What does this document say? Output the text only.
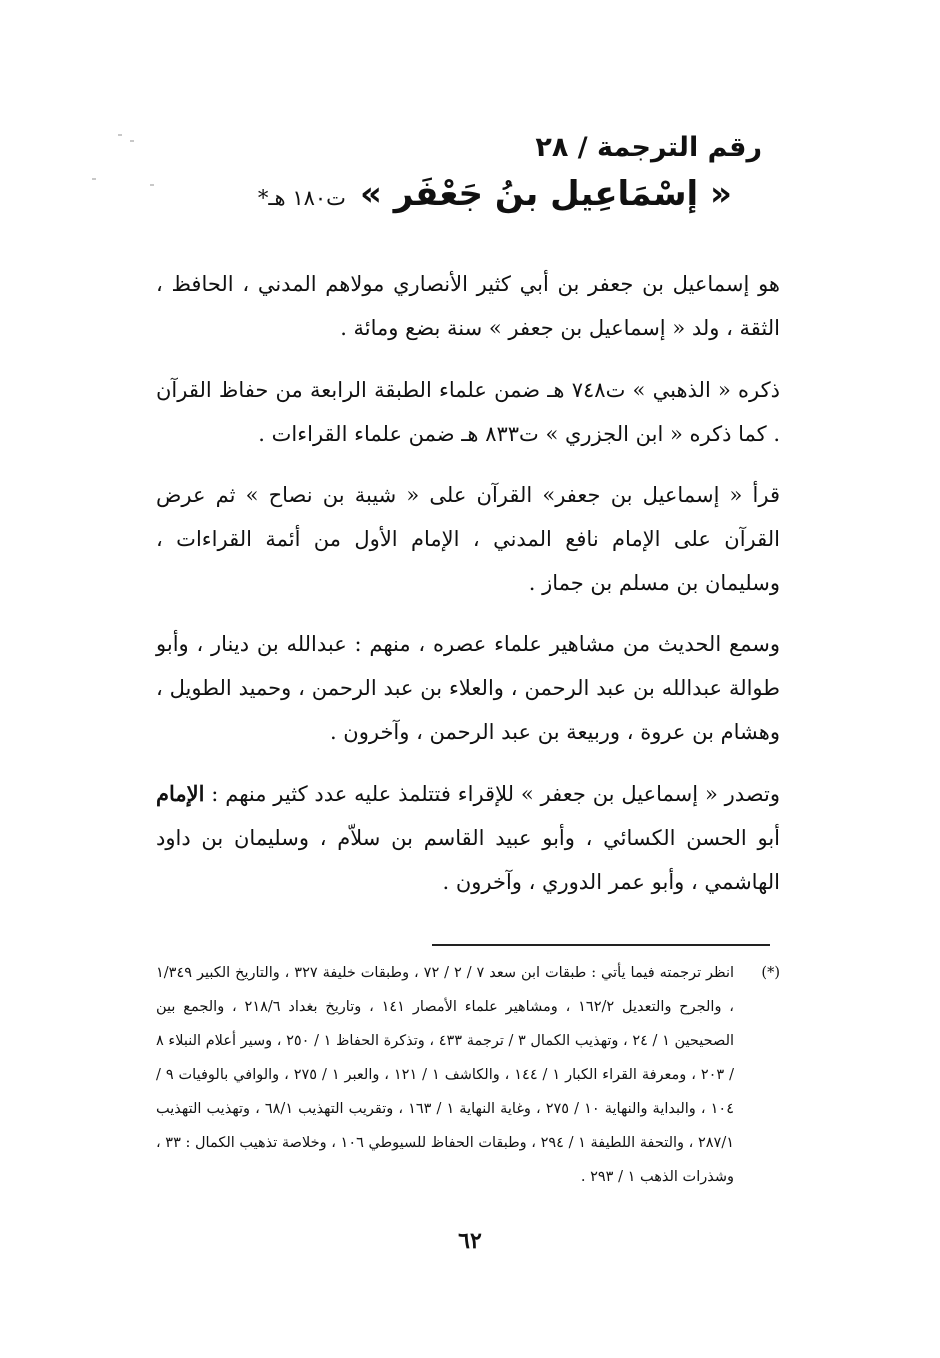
رقم الترجمة / ٢٨
« إسْمَاعِيل بنُ جَعْفَر »ت١٨٠ هـ*
هو إسماعيل بن جعفر بن أبي كثير الأنصاري مولاهم المدني ، الحافظ ، الثقة ، ولد « إسماعيل بن جعفر » سنة بضع ومائة .
ذكره « الذهبي » ت٧٤٨ هـ ضمن علماء الطبقة الرابعة من حفاظ القرآن . كما ذكره « ابن الجزري » ت٨٣٣ هـ ضمن علماء القراءات .
قرأ « إسماعيل بن جعفر» القرآن على « شيبة بن نصاح » ثم عرض القرآن على الإمام نافع المدني ، الإمام الأول من أئمة القراءات ، وسليمان بن مسلم بن جماز .
وسمع الحديث من مشاهير علماء عصره ، منهم : عبدالله بن دينار ، وأبو طوالة عبدالله بن عبد الرحمن ، والعلاء بن عبد الرحمن ، وحميد الطويل ، وهشام بن عروة ، وربيعة بن عبد الرحمن ، وآخرون .
وتصدر « إسماعيل بن جعفر » للإقراء فتتلمذ عليه عدد كثير منهم : الإمام أبو الحسن الكسائي ، وأبو عبيد القاسم بن سلاّم ، وسليمان بن داود الهاشمي ، وأبو عمر الدوري ، وآخرون .
(*)
انظر ترجمته فيما يأتي : طبقات ابن سعد ٧ / ٢ / ٧٢ ، وطبقات خليفة ٣٢٧ ، والتاريخ الكبير ١/٣٤٩ ، والجرح والتعديل ١٦٢/٢ ، ومشاهير علماء الأمصار ١٤١ ، وتاريخ بغداد ٢١٨/٦ ، والجمع بين الصحيحين ١ / ٢٤ ، وتهذيب الكمال ٣ / ترجمة ٤٣٣ ، وتذكرة الحفاظ ١ / ٢٥٠ ، وسير أعلام النبلاء ٨ / ٢٠٣ ، ومعرفة القراء الكبار ١ / ١٤٤ ، والكاشف ١ / ١٢١ ، والعبر ١ / ٢٧٥ ، والوافي بالوفيات ٩ / ١٠٤ ، والبداية والنهاية ١٠ / ٢٧٥ ، وغاية النهاية ١ / ١٦٣ ، وتقريب التهذيب ٦٨/١ ، وتهذيب التهذيب ٢٨٧/١ ، والتحفة اللطيفة ١ / ٢٩٤ ، وطبقات الحفاظ للسيوطي ١٠٦ ، وخلاصة تذهيب الكمال : ٣٣ ، وشذرات الذهب ١ / ٢٩٣ .
٦٢
